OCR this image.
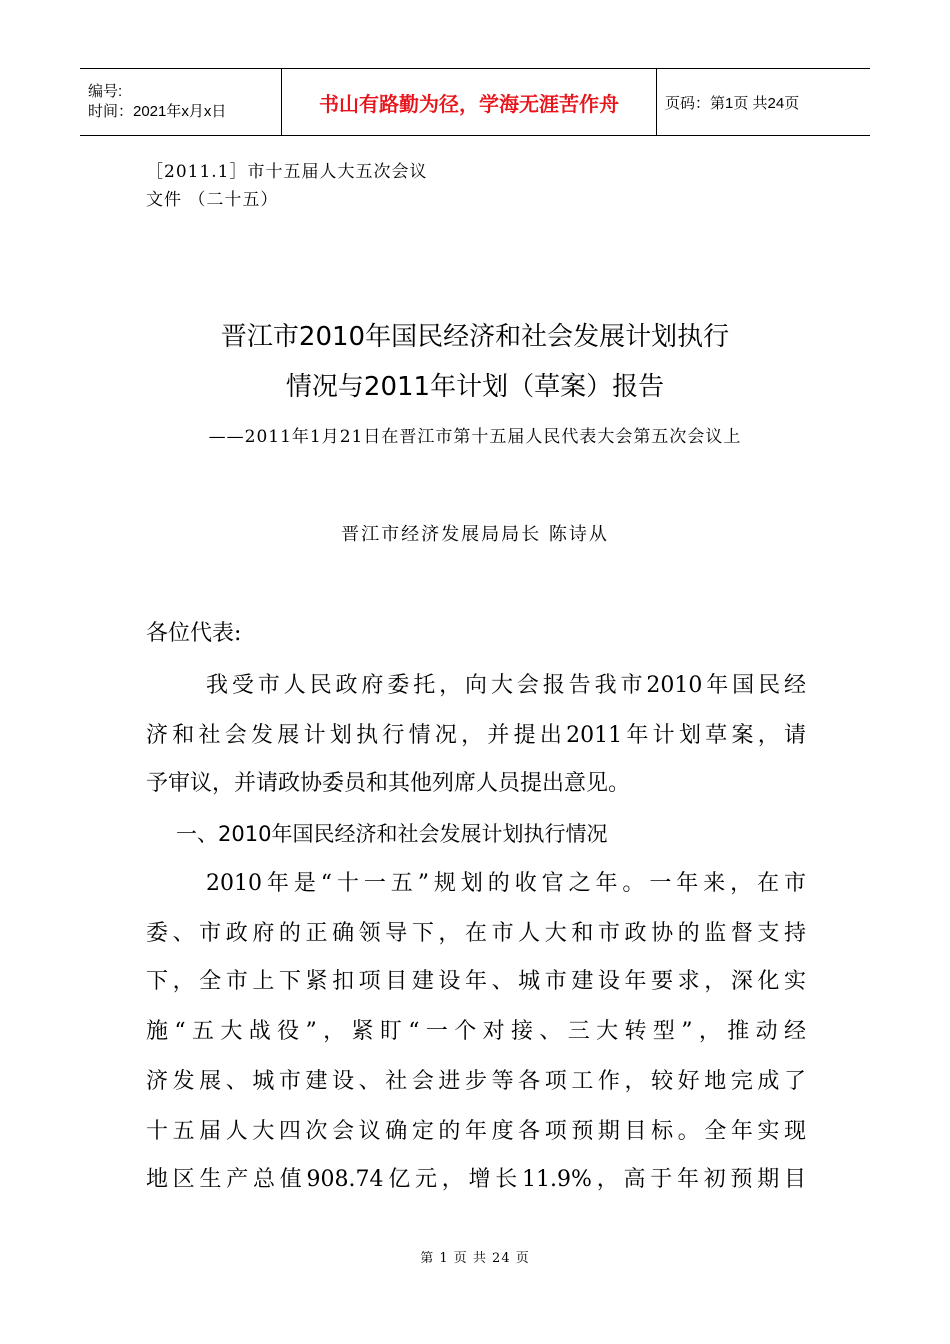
编号:
时间：2021年x月x日	书山有路勤为径，学海无涯苦作舟	页码：第1页 共24页
［2011.1］市十五届人大五次会议
文件 （二十五）
晋江市2010年国民经济和社会发展计划执行
情况与2011年计划（草案）报告
——2011年1月21日在晋江市第十五届人民代表大会第五次会议上
晋江市经济发展局局长 陈诗从
各位代表:
我受市人民政府委托，向大会报告我市2010年国民经
济和社会发展计划执行情况，并提出2011年计划草案，请
予审议，并请政协委员和其他列席人员提出意见。
一、2010年国民经济和社会发展计划执行情况
2010年是“十一五”规划的收官之年。一年来，在市
委、市政府的正确领导下，在市人大和市政协的监督支持
下，全市上下紧扣项目建设年、城市建设年要求，深化实
施“五大战役”，紧盯“一个对接、三大转型”，推动经
济发展、城市建设、社会进步等各项工作，较好地完成了
十五届人大四次会议确定的年度各项预期目标。全年实现
地区生产总值908.74亿元，增长11.9%，高于年初预期目
第 1 页 共 24 页
